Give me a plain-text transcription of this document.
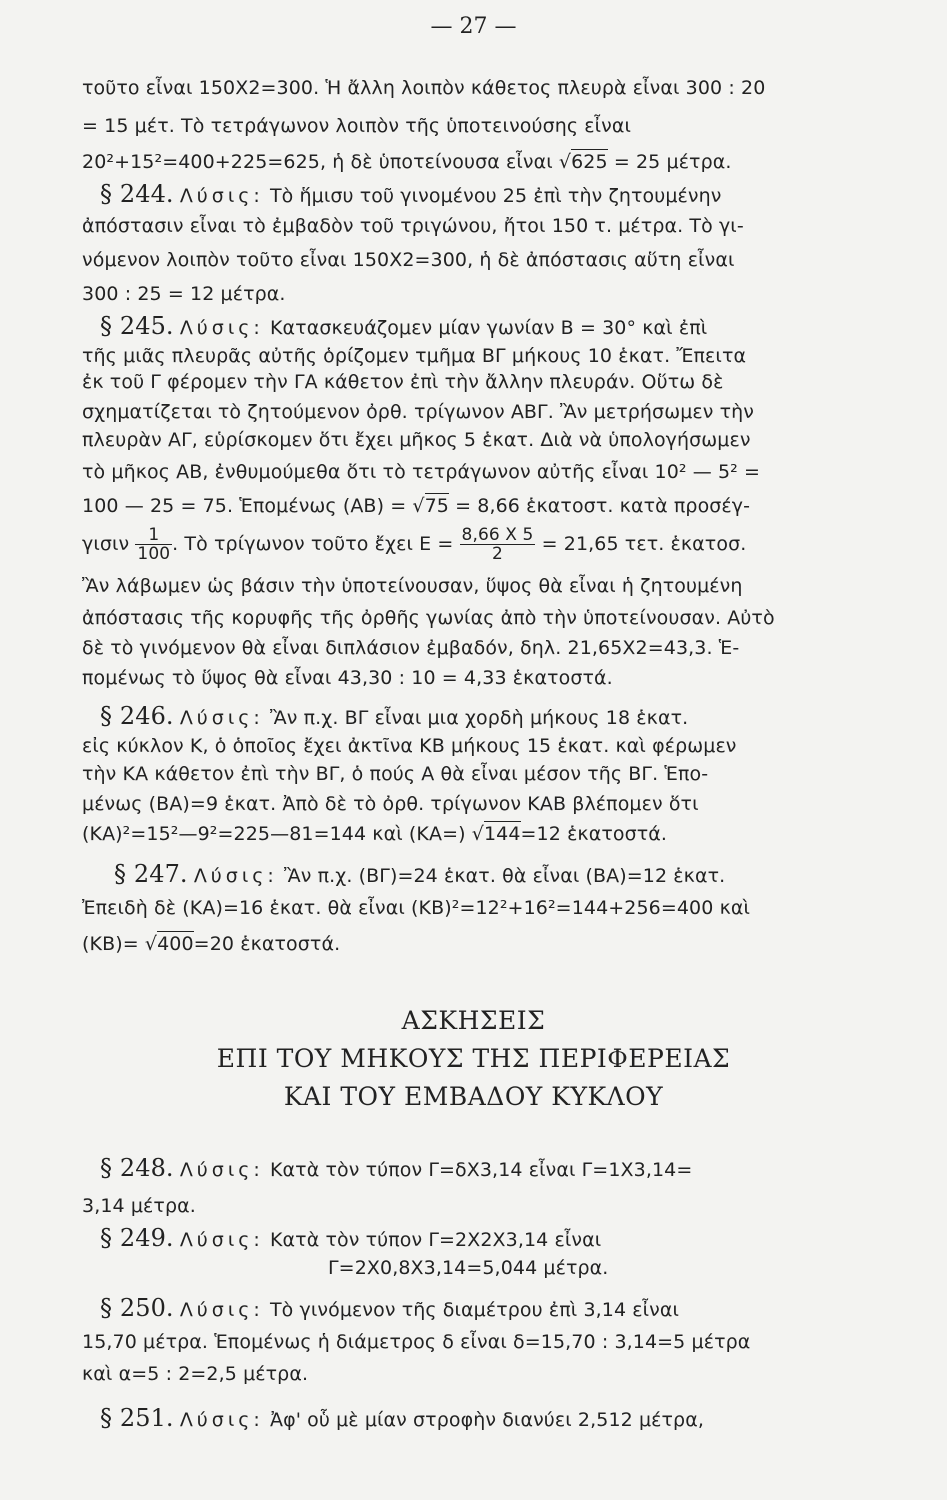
— 27 —
τοῦτο εἶναι 150Χ2=300. Ἡ ἄλλη λοιπὸν κάθετος πλευρὰ εἶναι 300 : 20
= 15 μέτ. Τὸ τετράγωνον λοιπὸν τῆς ὑποτεινούσης εἶναι
20²+15²=400+225=625, ἡ δὲ ὑποτείνουσα εἶναι √625 = 25 μέτρα.
§ 244. Λύσις: Τὸ ἥμισυ τοῦ γινομένου 25 ἐπὶ τὴν ζητουμένην
ἀπόστασιν εἶναι τὸ ἐμβαδὸν τοῦ τριγώνου, ἤτοι 150 τ. μέτρα. Τὸ γι-
νόμενον λοιπὸν τοῦτο εἶναι 150Χ2=300, ἡ δὲ ἀπόστασις αὕτη εἶναι
300 : 25 = 12 μέτρα.
§ 245. Λύσις: Κατασκευάζομεν μίαν γωνίαν Β = 30° καὶ ἐπὶ
τῆς μιᾶς πλευρᾶς αὐτῆς ὁρίζομεν τμῆμα ΒΓ μήκους 10 ἑκατ. Ἔπειτα
ἐκ τοῦ Γ φέρομεν τὴν ΓΑ κάθετον ἐπὶ τὴν ἄλλην πλευράν. Οὕτω δὲ
σχηματίζεται τὸ ζητούμενον ὀρθ. τρίγωνον ΑΒΓ. Ἂν μετρήσωμεν τὴν
πλευρὰν ΑΓ, εὑρίσκομεν ὅτι ἔχει μῆκος 5 ἑκατ. Διὰ νὰ ὑπολογήσωμεν
τὸ μῆκος ΑΒ, ἐνθυμούμεθα ὅτι τὸ τετράγωνον αὐτῆς εἶναι 10² — 5² =
100 — 25 = 75. Ἑπομένως (ΑΒ) = √75 = 8,66 ἑκατοστ. κατὰ προσέγ-
γισιν $\frac{1}{100}$ . Τὸ τρίγωνον τοῦτο ἔχει $E = \frac{8,66 X 5}{2} = 21,65$ τετ. ἑκατοσ.
Ἂν λάβωμεν ὡς βάσιν τὴν ὑποτείνουσαν, ὕψος θὰ εἶναι ἡ ζητουμένη
ἀπόστασις τῆς κορυφῆς τῆς ὀρθῆς γωνίας ἀπὸ τὴν ὑποτείνουσαν. Αὐτὸ
δὲ τὸ γινόμενον θὰ εἶναι διπλάσιον ἐμβαδόν, δηλ. 21,65Χ2=43,3. Ἑ-
πομένως τὸ ὕψος θὰ εἶναι 43,30 : 10 = 4,33 ἑκατοστά.
§ 246. Λύσις: Ἂν π.χ. ΒΓ εἶναι μια χορδὴ μήκους 18 ἑκατ.
εἰς κύκλον Κ, ὁ ὁποῖος ἔχει ἀκτῖνα ΚΒ μήκους 15 ἑκατ. καὶ φέρωμεν
τὴν ΚΑ κάθετον ἐπὶ τὴν ΒΓ, ὁ πούς Α θὰ εἶναι μέσον τῆς ΒΓ. Ἑπο-
μένως (ΒΑ)=9 ἑκατ. Ἀπὸ δὲ τὸ ὀρθ. τρίγωνον ΚΑΒ βλέπομεν ὅτι
(ΚΑ)²=15²—9²=225—81=144 καὶ (ΚΑ=) √144=12 ἑκατοστά.
§ 247. Λύσις: Ἂν π.χ. (ΒΓ)=24 ἑκατ. θὰ εἶναι (ΒΑ)=12 ἑκατ.
Ἐπειδὴ δὲ (ΚΑ)=16 ἑκατ. θὰ εἶναι (ΚΒ)²=12²+16²=144+256=400 καὶ
(ΚΒ)= √400=20 ἑκατοστά.
ΑΣΚΗΣΕΙΣ
ΕΠΙ ΤΟΥ ΜΗΚΟΥΣ ΤΗΣ ΠΕΡΙΦΕΡΕΙΑΣ
ΚΑΙ ΤΟΥ ΕΜΒΑΔΟΥ ΚΥΚΛΟΥ
§ 248. Λύσις: Κατὰ τὸν τύπον Γ=δΧ3,14 εἶναι Γ=1Χ3,14=
3,14 μέτρα.
§ 249. Λύσις: Κατὰ τὸν τύπον Γ=2Χ2Χ3,14 εἶναι
Γ=2Χ0,8Χ3,14=5,044 μέτρα.
§ 250. Λύσις: Τὸ γινόμενον τῆς διαμέτρου ἐπὶ 3,14 εἶναι
15,70 μέτρα. Ἑπομένως ἡ διάμετρος δ εἶναι δ=15,70 : 3,14=5 μέτρα
καὶ α=5 : 2=2,5 μέτρα.
§ 251. Λύσις: Ἀφ' οὗ μὲ μίαν στροφὴν διανύει 2,512 μέτρα,
